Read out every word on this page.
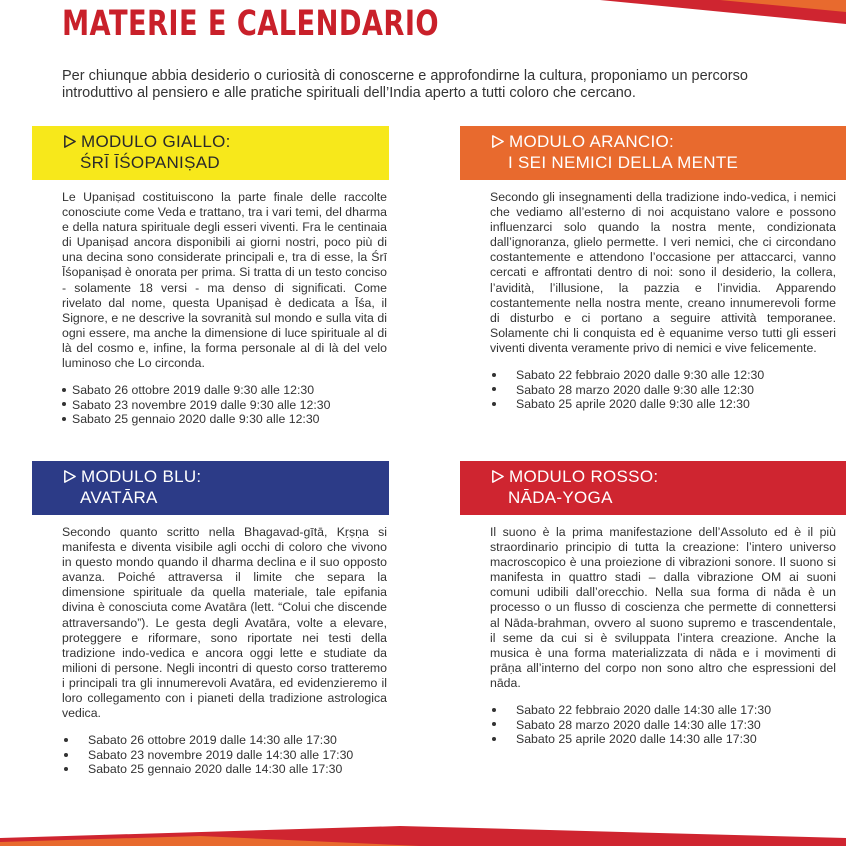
MATERIE E CALENDARIO

Per chiunque abbia desiderio o curiosità di conoscerne e approfondirne la cultura, proponiamo un percorso introduttivo al pensiero e alle pratiche spirituali dell’India aperto a tutti coloro che cercano.

MODULO GIALLO:
ŚRĪ ĪŚOPANIṢAD

Le Upaniṣad costituiscono la parte finale delle raccolte conosciute come Veda e trattano, tra i vari temi, del dharma e della natura spirituale degli esseri viventi. Fra le centinaia di Upaniṣad ancora disponibili ai giorni nostri, poco più di una decina sono considerate principali e, tra di esse, la Śrī Īśopaniṣad è onorata per prima. Si tratta di un testo conciso - solamente 18 versi - ma denso di significati. Come rivelato dal nome, questa Upaniṣad è dedicata a Īśa, il Signore, e ne descrive la sovranità sul mondo e sulla vita di ogni essere, ma anche la dimensione di luce spirituale al di là del cosmo e, infine, la forma personale al di là del velo luminoso che Lo circonda.

Sabato 26 ottobre 2019 dalle 9:30 alle 12:30
Sabato 23 novembre 2019 dalle 9:30 alle 12:30
Sabato 25 gennaio 2020 dalle 9:30 alle 12:30
MODULO ARANCIO:
I SEI NEMICI DELLA MENTE

Secondo gli insegnamenti della tradizione indo-vedica, i nemici che vediamo all’esterno di noi acquistano valore e possono influenzarci solo quando la nostra mente, condizionata dall’ignoranza, glielo permette. I veri nemici, che ci circondano costantemente e attendono l’occasione per attaccarci, vanno cercati e affrontati dentro di noi: sono il desiderio, la collera, l’avidità, l’illusione, la pazzia e l’invidia. Apparendo costantemente nella nostra mente, creano innumerevoli forme di disturbo e ci portano a seguire attività temporanee. Solamente chi li conquista ed è equanime verso tutti gli esseri viventi diventa veramente privo di nemici e vive felicemente.

Sabato 22 febbraio 2020 dalle 9:30 alle 12:30
Sabato 28 marzo 2020 dalle 9:30 alle 12:30
Sabato 25 aprile 2020 dalle 9:30 alle 12:30
MODULO BLU:
AVATĀRA

Secondo quanto scritto nella Bhagavad-gītā, Kṛṣṇa si manifesta e diventa visibile agli occhi di coloro che vivono in questo mondo quando il dharma declina e il suo opposto avanza. Poiché attraversa il limite che separa la dimensione spirituale da quella materiale, tale epifania divina è conosciuta come Avatāra (lett. “Colui che discende attraversando”). Le gesta degli Avatāra, volte a elevare, proteggere e riformare, sono riportate nei testi della tradizione indo-vedica e ancora oggi lette e studiate da milioni di persone. Negli incontri di questo corso tratteremo i principali tra gli innumerevoli Avatāra, ed evidenzieremo il loro collegamento con i pianeti della tradizione astrologica vedica.

Sabato 26 ottobre 2019 dalle 14:30 alle 17:30
Sabato 23 novembre 2019 dalle 14:30 alle 17:30
Sabato 25 gennaio 2020 dalle 14:30 alle 17:30
MODULO ROSSO:
NĀDA-YOGA

Il suono è la prima manifestazione dell’Assoluto ed è il più straordinario principio di tutta la creazione: l’intero universo macroscopico è una proiezione di vibrazioni sonore. Il suono si manifesta in quattro stadi – dalla vibrazione OM ai suoni comuni udibili dall’orecchio. Nella sua forma di nāda è un processo o un flusso di coscienza che permette di connettersi al Nāda-brahman, ovvero al suono supremo e trascendentale, il seme da cui si è sviluppata l’intera creazione. Anche la musica è una forma materializzata di nāda e i movimenti di prāṇa all’interno del corpo non sono altro che espressioni del nāda.

Sabato 22 febbraio 2020 dalle 14:30 alle 17:30
Sabato 28 marzo 2020 dalle 14:30 alle 17:30
Sabato 25 aprile 2020 dalle 14:30 alle 17:30
